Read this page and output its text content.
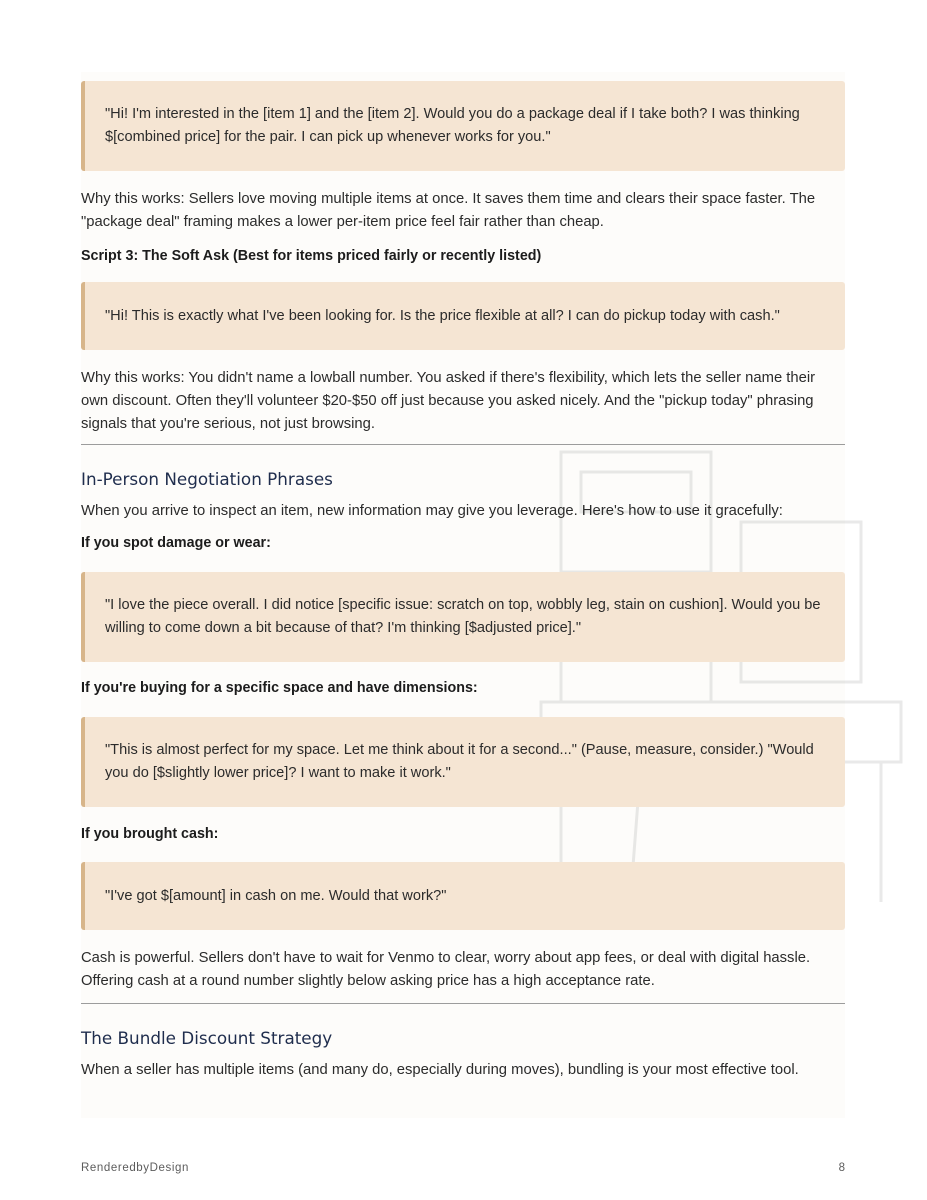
"Hi! I'm interested in the [item 1] and the [item 2]. Would you do a package deal if I take both? I was thinking $[combined price] for the pair. I can pick up whenever works for you."

Why this works: Sellers love moving multiple items at once. It saves them time and clears their space faster. The "package deal" framing makes a lower per-item price feel fair rather than cheap.

Script 3: The Soft Ask (Best for items priced fairly or recently listed)

"Hi! This is exactly what I've been looking for. Is the price flexible at all? I can do pickup today with cash."

Why this works: You didn't name a lowball number. You asked if there's flexibility, which lets the seller name their own discount. Often they'll volunteer $20-$50 off just because you asked nicely. And the "pickup today" phrasing signals that you're serious, not just browsing.

In-Person Negotiation Phrases

When you arrive to inspect an item, new information may give you leverage. Here's how to use it gracefully:

If you spot damage or wear:

"I love the piece overall. I did notice [specific issue: scratch on top, wobbly leg, stain on cushion]. Would you be willing to come down a bit because of that? I'm thinking [$adjusted price]."

If you're buying for a specific space and have dimensions:

"This is almost perfect for my space. Let me think about it for a second..." (Pause, measure, consider.) "Would you do [$slightly lower price]? I want to make it work."

If you brought cash:

"I've got $[amount] in cash on me. Would that work?"

Cash is powerful. Sellers don't have to wait for Venmo to clear, worry about app fees, or deal with digital hassle. Offering cash at a round number slightly below asking price has a high acceptance rate.

The Bundle Discount Strategy

When a seller has multiple items (and many do, especially during moves), bundling is your most effective tool.

RenderedbyDesign	8
